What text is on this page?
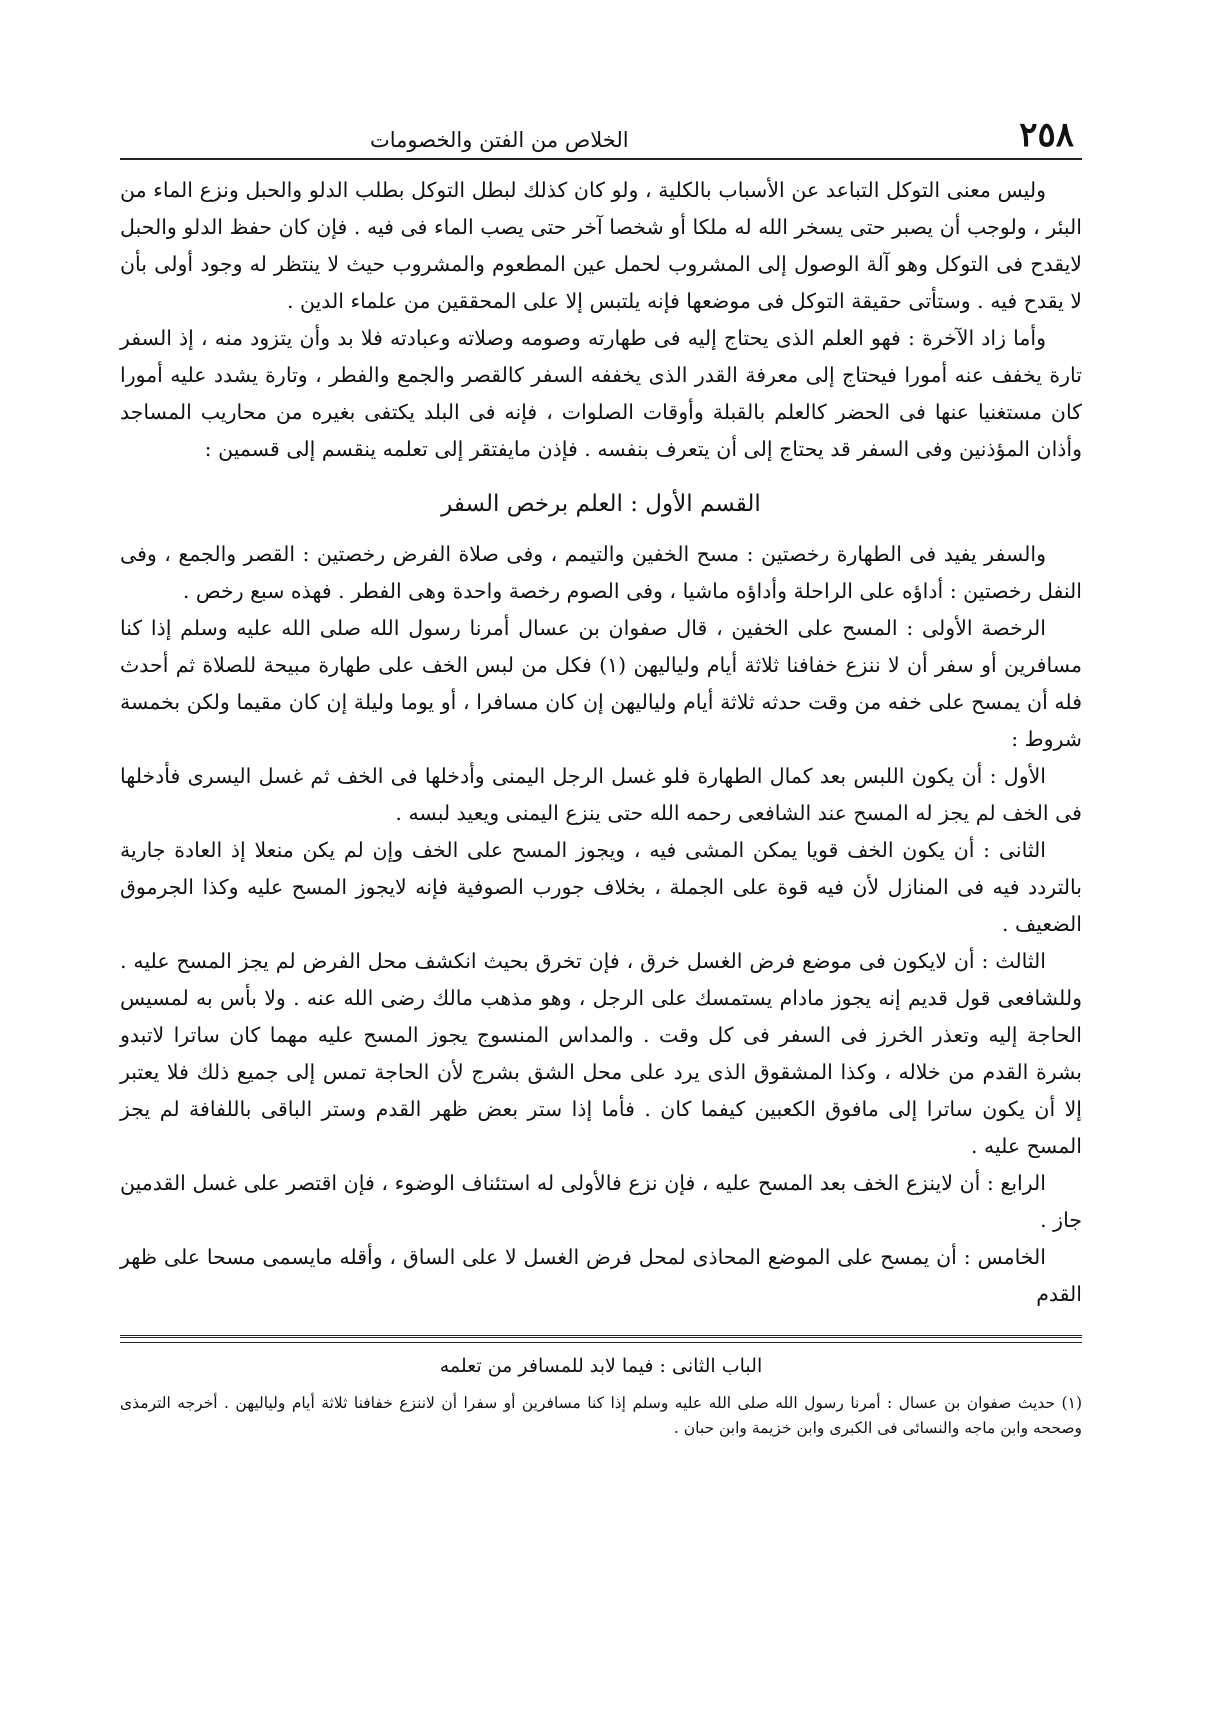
٢٥٨
الخلاص من الفتن والخصومات

وليس معنى التوكل التباعد عن الأسباب بالكلية ، ولو كان كذلك لبطل التوكل بطلب الدلو والحبل ونزع الماء من البئر ، ولوجب أن يصبر حتى يسخر الله له ملكا أو شخصا آخر حتى يصب الماء فى فيه . فإن كان حفظ الدلو والحبل لايقدح فى التوكل وهو آلة الوصول إلى المشروب لحمل عين المطعوم والمشروب حيث لا ينتظر له وجود أولى بأن لا يقدح فيه . وستأتى حقيقة التوكل فى موضعها فإنه يلتبس إلا على المحققين من علماء الدين .

وأما زاد الآخرة : فهو العلم الذى يحتاج إليه فى طهارته وصومه وصلاته وعبادته فلا بد وأن يتزود منه ، إذ السفر تارة يخفف عنه أمورا فيحتاج إلى معرفة القدر الذى يخففه السفر كالقصر والجمع والفطر ، وتارة يشدد عليه أمورا كان مستغنيا عنها فى الحضر كالعلم بالقبلة وأوقات الصلوات ، فإنه فى البلد يكتفى بغيره من محاريب المساجد وأذان المؤذنين وفى السفر قد يحتاج إلى أن يتعرف بنفسه . فإذن مايفتقر إلى تعلمه ينقسم إلى قسمين :

القسم الأول : العلم برخص السفر

والسفر يفيد فى الطهارة رخصتين : مسح الخفين والتيمم ، وفى صلاة الفرض رخصتين : القصر والجمع ، وفى النفل رخصتين : أداؤه على الراحلة وأداؤه ماشيا ، وفى الصوم رخصة واحدة وهى الفطر . فهذه سبع رخص .

الرخصة الأولى : المسح على الخفين ، قال صفوان بن عسال أمرنا رسول الله صلى الله عليه وسلم إذا كنا مسافرين أو سفر أن لا ننزع خفافنا ثلاثة أيام ولياليهن (١) فكل من لبس الخف على طهارة مبيحة للصلاة ثم أحدث فله أن يمسح على خفه من وقت حدثه ثلاثة أيام ولياليهن إن كان مسافرا ، أو يوما وليلة إن كان مقيما ولكن بخمسة شروط :

الأول : أن يكون اللبس بعد كمال الطهارة فلو غسل الرجل اليمنى وأدخلها فى الخف ثم غسل اليسرى فأدخلها فى الخف لم يجز له المسح عند الشافعى رحمه الله حتى ينزع اليمنى ويعيد لبسه .

الثانى : أن يكون الخف قويا يمكن المشى فيه ، ويجوز المسح على الخف وإن لم يكن منعلا إذ العادة جارية بالتردد فيه فى المنازل لأن فيه قوة على الجملة ، بخلاف جورب الصوفية فإنه لايجوز المسح عليه وكذا الجرموق الضعيف .

الثالث : أن لايكون فى موضع فرض الغسل خرق ، فإن تخرق بحيث انكشف محل الفرض لم يجز المسح عليه . وللشافعى قول قديم إنه يجوز مادام يستمسك على الرجل ، وهو مذهب مالك رضى الله عنه . ولا بأس به لمسيس الحاجة إليه وتعذر الخرز فى السفر فى كل وقت . والمداس المنسوج يجوز المسح عليه مهما كان ساترا لاتبدو بشرة القدم من خلاله ، وكذا المشقوق الذى يرد على محل الشق بشرج لأن الحاجة تمس إلى جميع ذلك فلا يعتبر إلا أن يكون ساترا إلى مافوق الكعبين كيفما كان . فأما إذا ستر بعض ظهر القدم وستر الباقى باللفافة لم يجز المسح عليه .

الرابع : أن لاينزع الخف بعد المسح عليه ، فإن نزع فالأولى له استئناف الوضوء ، فإن اقتصر على غسل القدمين جاز .

الخامس : أن يمسح على الموضع المحاذى لمحل فرض الغسل لا على الساق ، وأقله مايسمى مسحا على ظهر القدم

الباب الثانى : فيما لابد للمسافر من تعلمه

(١) حديث صفوان بن عسال : أمرنا رسول الله صلى الله عليه وسلم إذا كنا مسافرين أو سفرا أن لاننزع خفافنا ثلاثة أيام ولياليهن . أخرجه الترمذى وصححه وابن ماجه والنسائى فى الكبرى وابن خزيمة وابن حبان .
